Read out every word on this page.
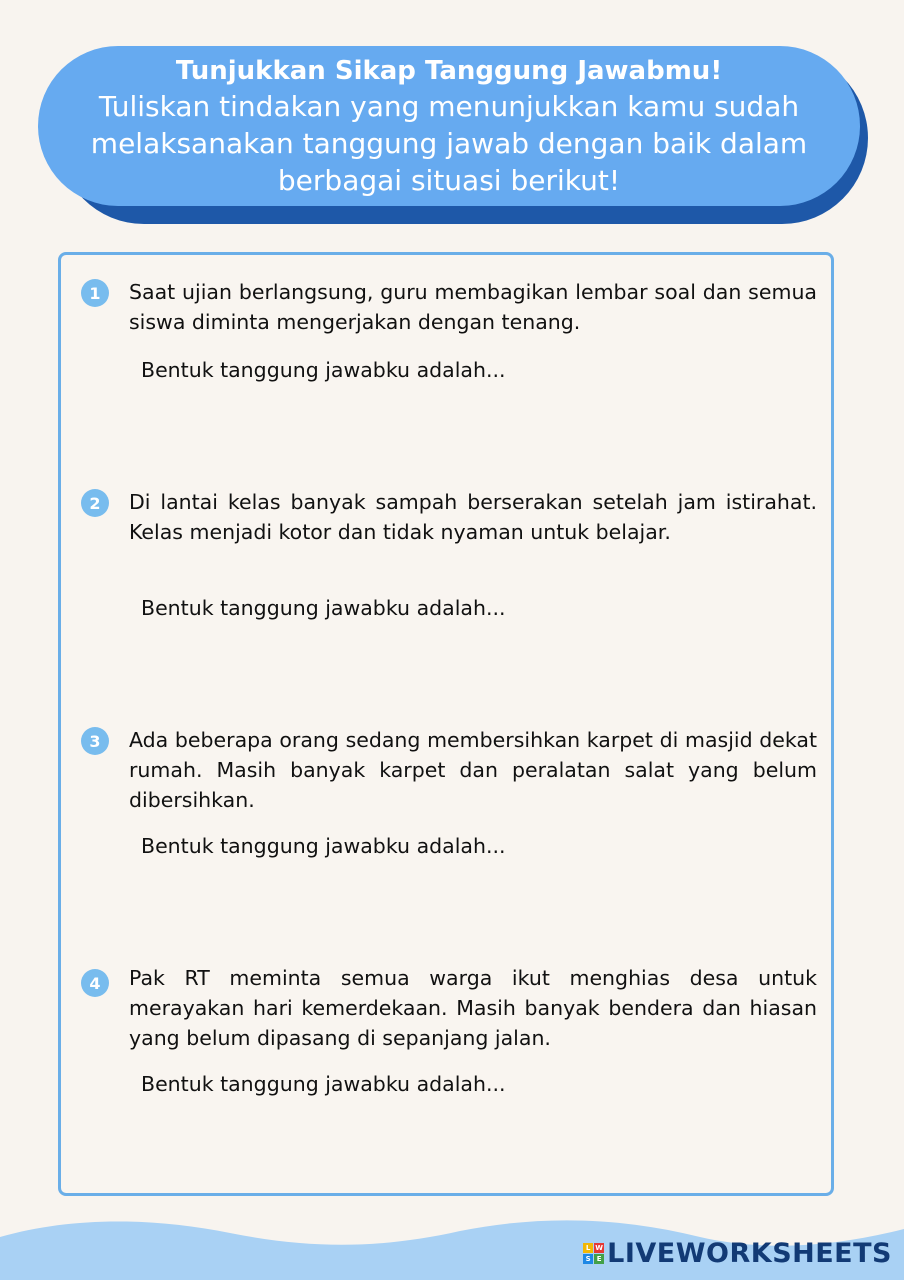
Tunjukkan Sikap Tanggung Jawabmu!
Tuliskan tindakan yang menunjukkan kamu sudah melaksanakan tanggung jawab dengan baik dalam berbagai situasi berikut!
1	Saat ujian berlangsung, guru membagikan lembar soal dan semua siswa diminta mengerjakan dengan tenang.
Bentuk tanggung jawabku adalah...
2	Di lantai kelas banyak sampah berserakan setelah jam istirahat. Kelas menjadi kotor dan tidak nyaman untuk belajar.
Bentuk tanggung jawabku adalah...
3	Ada beberapa orang sedang membersihkan karpet di masjid dekat rumah. Masih banyak karpet dan peralatan salat yang belum dibersihkan.
Bentuk tanggung jawabku adalah...
4	Pak RT meminta semua warga ikut menghias desa untuk merayakan hari kemerdekaan. Masih banyak bendera dan hiasan yang belum dipasang di sepanjang jalan.
Bentuk tanggung jawabku adalah...
L W
S E LIVEWORKSHEETS
